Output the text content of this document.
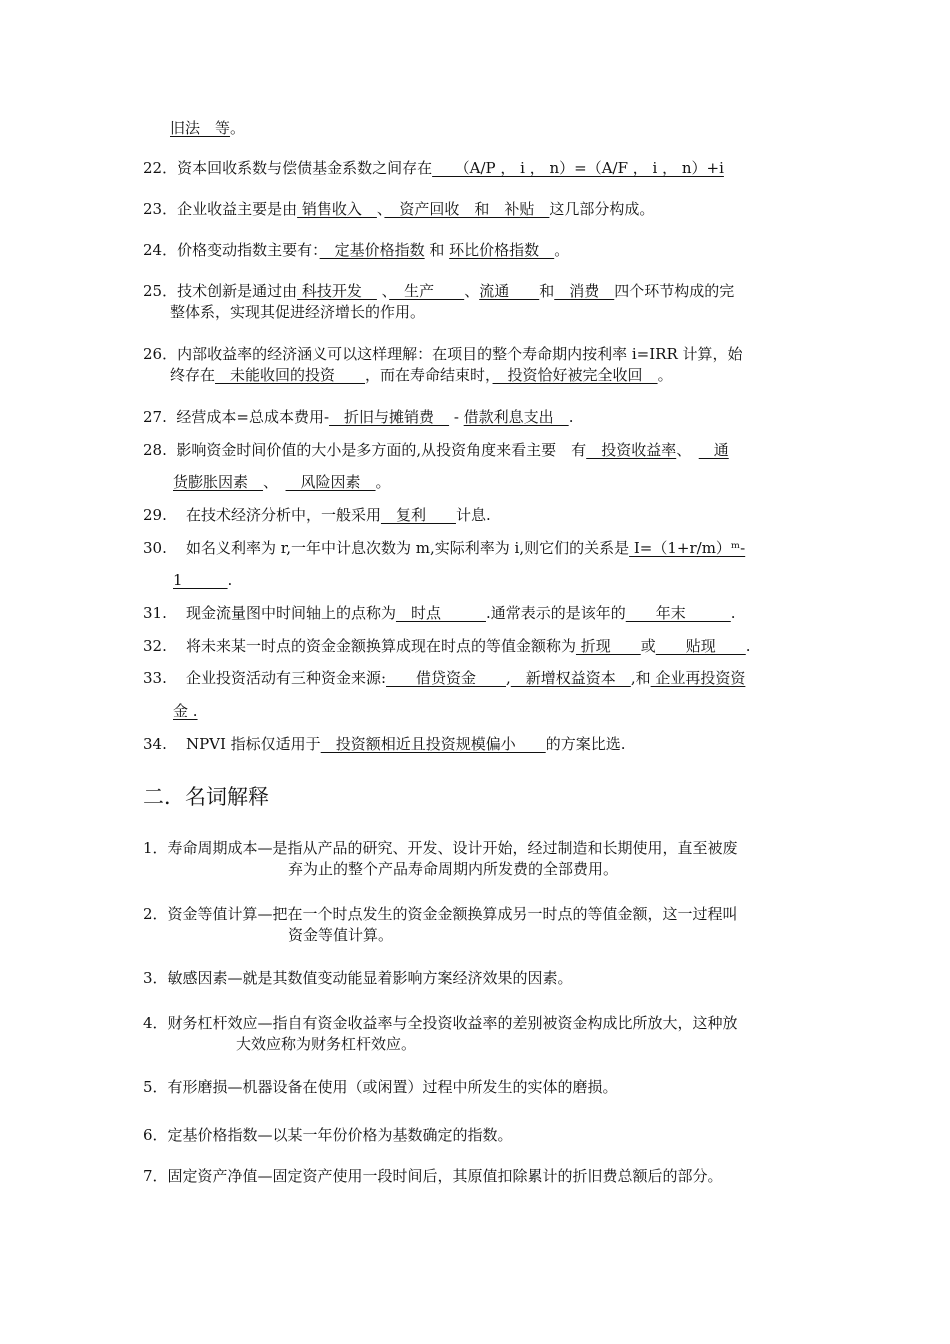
旧法　等。
22．资本回收系数与偿债基金系数之间存在　　（A/P ， i ， n）=（A/F ， i ， n）+i
23．企业收益主要是由 销售收入　、　资产回收　和　补贴　这几部分构成。
24．价格变动指数主要有：　定基价格指数 和 环比价格指数　。
25．技术创新是通过由 科技开发　 、　生产　　、流通　　和　消费　四个环节构成的完
整体系，实现其促进经济增长的作用。
26．内部收益率的经济涵义可以这样理解：在项目的整个寿命期内按利率 i=IRR 计算，始
终存在　未能收回的投资　　，而在寿命结束时，　投资恰好被完全收回　。
27. 经营成本=总成本费用-　折旧与摊销费　 - 借款利息支出　.
28. 影响资金时间价值的大小是多方面的,从投资角度来看主要　有　投资收益率、　　通
货膨胀因素　、　　风险因素　。
29. 在技术经济分析中，一般采用　复利　　计息.
30. 如名义利率为 r,一年中计息次数为 m,实际利率为 i,则它们的关系是 I=（1+r/m）ᵐ-
1　　　.
31. 现金流量图中时间轴上的点称为　时点　　　.通常表示的是该年的　　年末　　　.
32. 将未来某一时点的资金金额换算成现在时点的等值金额称为 折现　　或　　贴现　　.
33. 企业投资活动有三种资金来源:　　借贷资金　　,　新增权益资本　,和 企业再投资资
金 .
34. NPVI 指标仅适用于　投资额相近且投资规模偏小　　的方案比选.
二．名词解释
1．寿命周期成本—是指从产品的研究、开发、设计开始，经过制造和长期使用，直至被废
弃为止的整个产品寿命周期内所发费的全部费用。
2．资金等值计算—把在一个时点发生的资金金额换算成另一时点的等值金额，这一过程叫
资金等值计算。
3．敏感因素—就是其数值变动能显着影响方案经济效果的因素。
4．财务杠杆效应—指自有资金收益率与全投资收益率的差别被资金构成比所放大，这种放
大效应称为财务杠杆效应。
5．有形磨损—机器设备在使用（或闲置）过程中所发生的实体的磨损。
6．定基价格指数—以某一年份价格为基数确定的指数。
7．固定资产净值—固定资产使用一段时间后，其原值扣除累计的折旧费总额后的部分。
